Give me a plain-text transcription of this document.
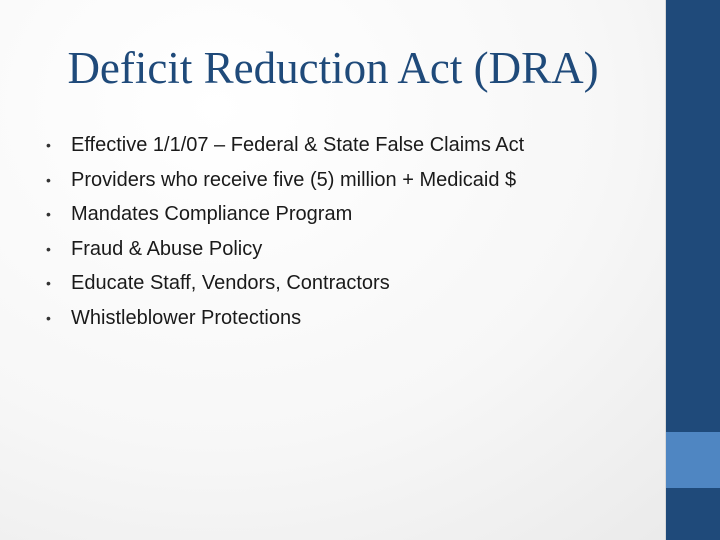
Deficit Reduction Act (DRA)
•	Effective 1/1/07 – Federal & State False Claims Act
•	Providers who receive five (5) million + Medicaid $
•	Mandates Compliance Program
•	Fraud & Abuse Policy
•	Educate Staff, Vendors, Contractors
•	Whistleblower Protections
